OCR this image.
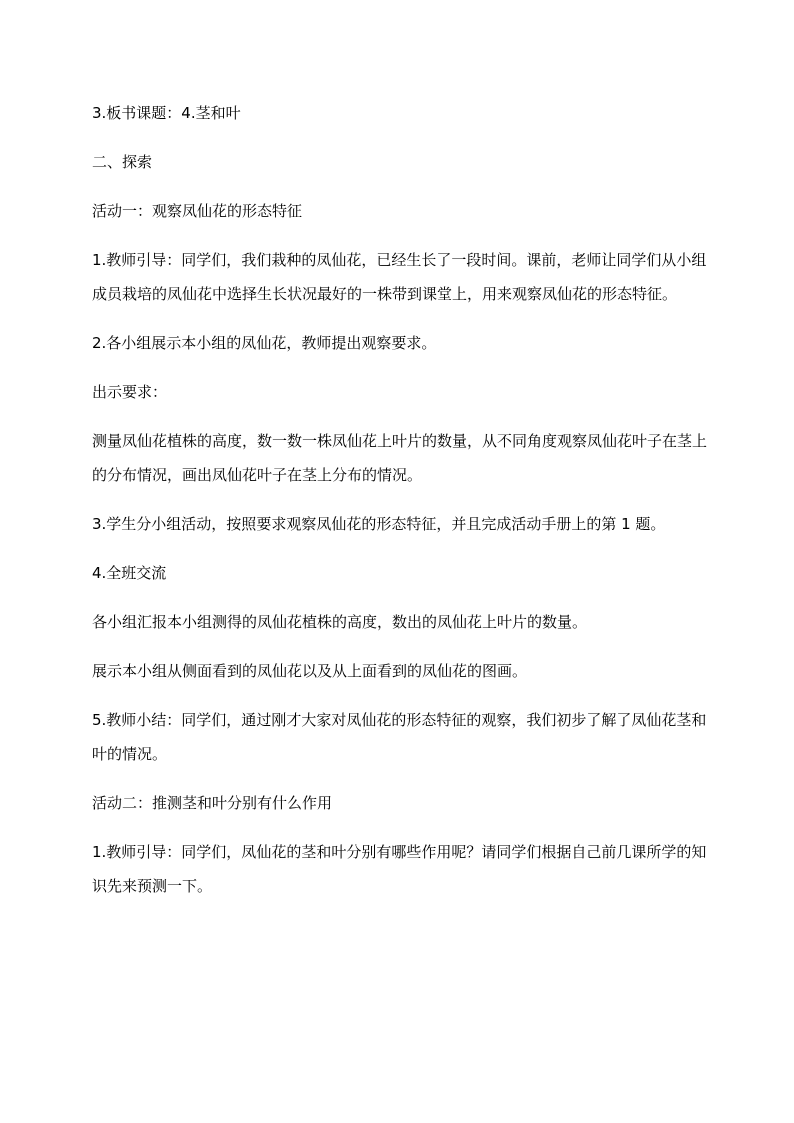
3.板书课题：4.茎和叶

二、探索

活动一：观察凤仙花的形态特征

1.教师引导：同学们，我们栽种的凤仙花，已经生长了一段时间。课前，老师让同学们从小组成员栽培的凤仙花中选择生长状况最好的一株带到课堂上，用来观察凤仙花的形态特征。

2.各小组展示本小组的凤仙花，教师提出观察要求。

出示要求：

测量凤仙花植株的高度，数一数一株凤仙花上叶片的数量，从不同角度观察凤仙花叶子在茎上的分布情况，画出凤仙花叶子在茎上分布的情况。

3.学生分小组活动，按照要求观察凤仙花的形态特征，并且完成活动手册上的第 1 题。

4.全班交流

各小组汇报本小组测得的凤仙花植株的高度，数出的凤仙花上叶片的数量。

展示本小组从侧面看到的凤仙花以及从上面看到的凤仙花的图画。

5.教师小结：同学们，通过刚才大家对凤仙花的形态特征的观察，我们初步了解了凤仙花茎和叶的情况。

活动二：推测茎和叶分别有什么作用

1.教师引导：同学们，凤仙花的茎和叶分别有哪些作用呢？请同学们根据自己前几课所学的知识先来预测一下。
